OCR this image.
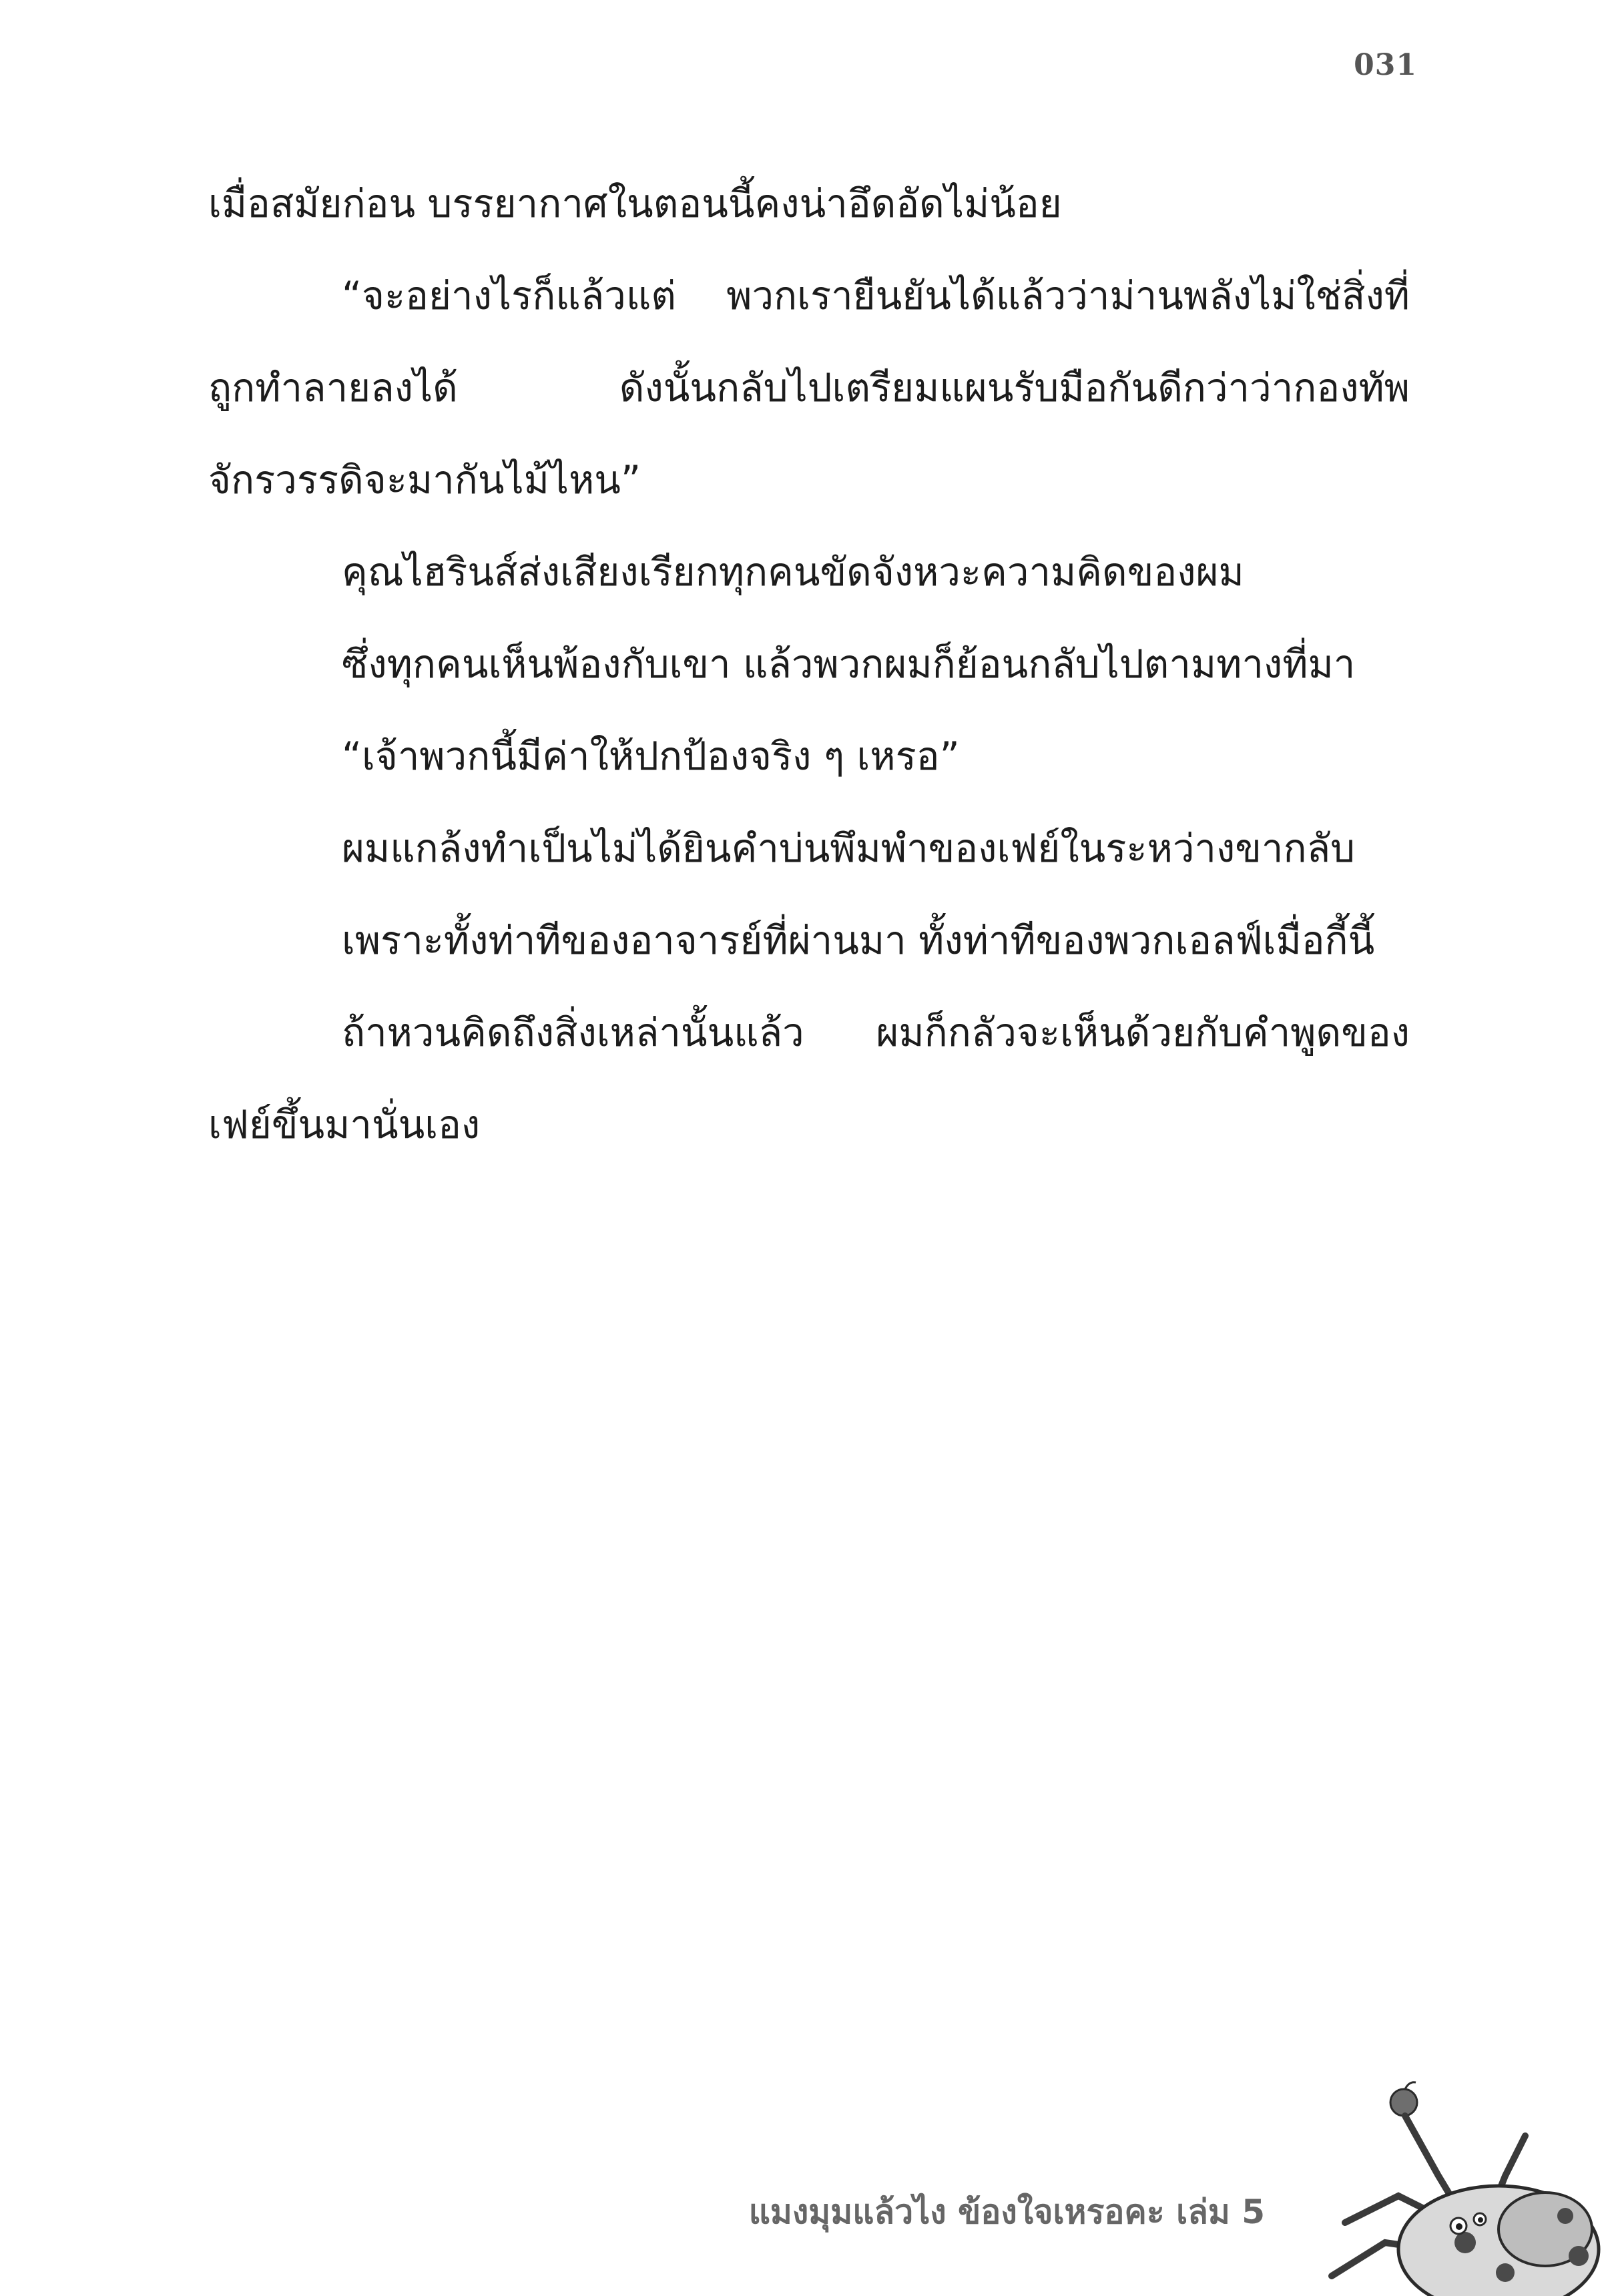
031

เมื่อสมัยก่อน บรรยากาศในตอนนี้คงน่าอึดอัดไม่น้อย

“จะอย่างไรก็แล้วแต่ พวกเรายืนยันได้แล้วว่าม่านพลังไม่ใช่สิ่งที่ถูกทำลายลงได้ ดังนั้นกลับไปเตรียมแผนรับมือกันดีกว่าว่ากองทัพจักรวรรดิจะมากันไม้ไหน”

คุณไฮรินส์ส่งเสียงเรียกทุกคนขัดจังหวะความคิดของผม

ซึ่งทุกคนเห็นพ้องกับเขา แล้วพวกผมก็ย้อนกลับไปตามทางที่มา

“เจ้าพวกนี้มีค่าให้ปกป้องจริง ๆ เหรอ”

ผมแกล้งทำเป็นไม่ได้ยินคำบ่นพึมพำของเฟย์ในระหว่างขากลับ

เพราะทั้งท่าทีของอาจารย์ที่ผ่านมา ทั้งท่าทีของพวกเอลฟ์เมื่อกี้นี้

ถ้าหวนคิดถึงสิ่งเหล่านั้นแล้ว ผมก็กลัวจะเห็นด้วยกับคำพูดของเฟย์ขึ้นมานั่นเอง

แมงมุมแล้วไง ข้องใจเหรอคะ เล่ม 5
